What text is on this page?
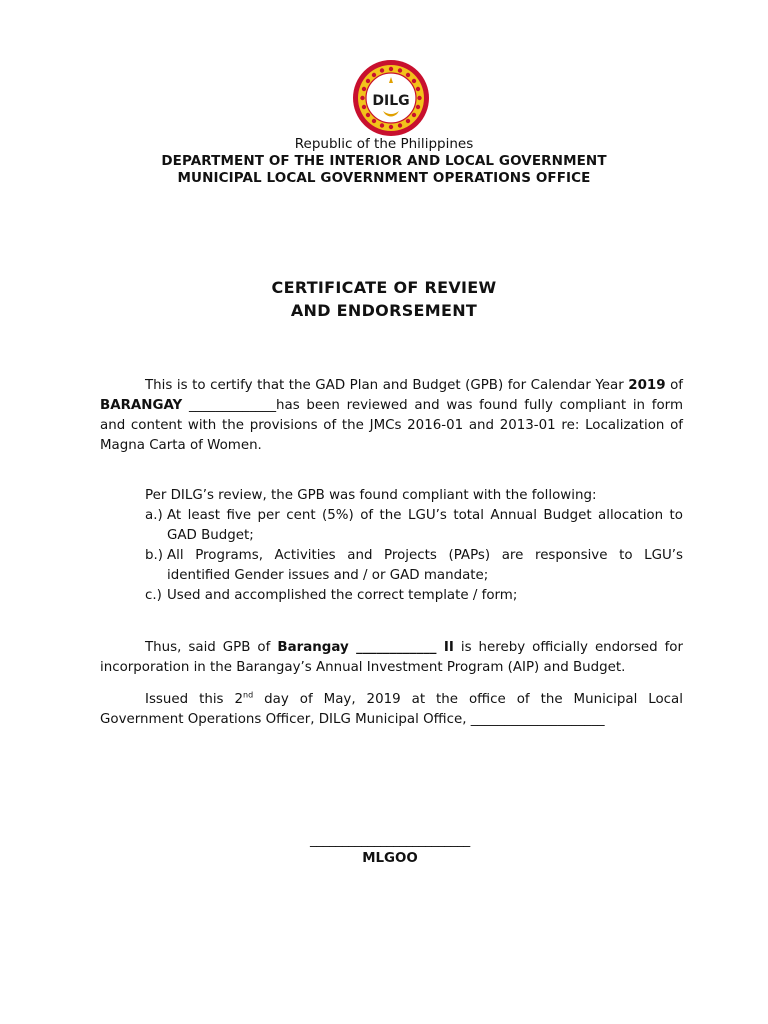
DILG
Republic of the Philippines
DEPARTMENT OF THE INTERIOR AND LOCAL GOVERNMENT
MUNICIPAL LOCAL GOVERNMENT OPERATIONS OFFICE
CERTIFICATE OF REVIEW
AND ENDORSEMENT
This is to certify that the GAD Plan and Budget (GPB) for Calendar Year 2019 of BARANGAY _____________has been reviewed and was found fully compliant in form and content with the provisions of the JMCs 2016-01 and 2013-01 re: Localization of Magna Carta of Women.
Per DILG’s review, the GPB was found compliant with the following:
a.) At least five per cent (5%) of the LGU’s total Annual Budget allocation to GAD Budget;
b.) All Programs, Activities and Projects (PAPs) are responsive to LGU’s identified Gender issues and / or GAD mandate;
c.) Used and accomplished the correct template / form;
Thus, said GPB of Barangay ____________ II is hereby officially endorsed for incorporation in the Barangay’s Annual Investment Program (AIP) and Budget.
Issued this 2nd day of May, 2019 at the office of the Municipal Local Government Operations Officer, DILG Municipal Office, ____________________
_________________________
MLGOO
